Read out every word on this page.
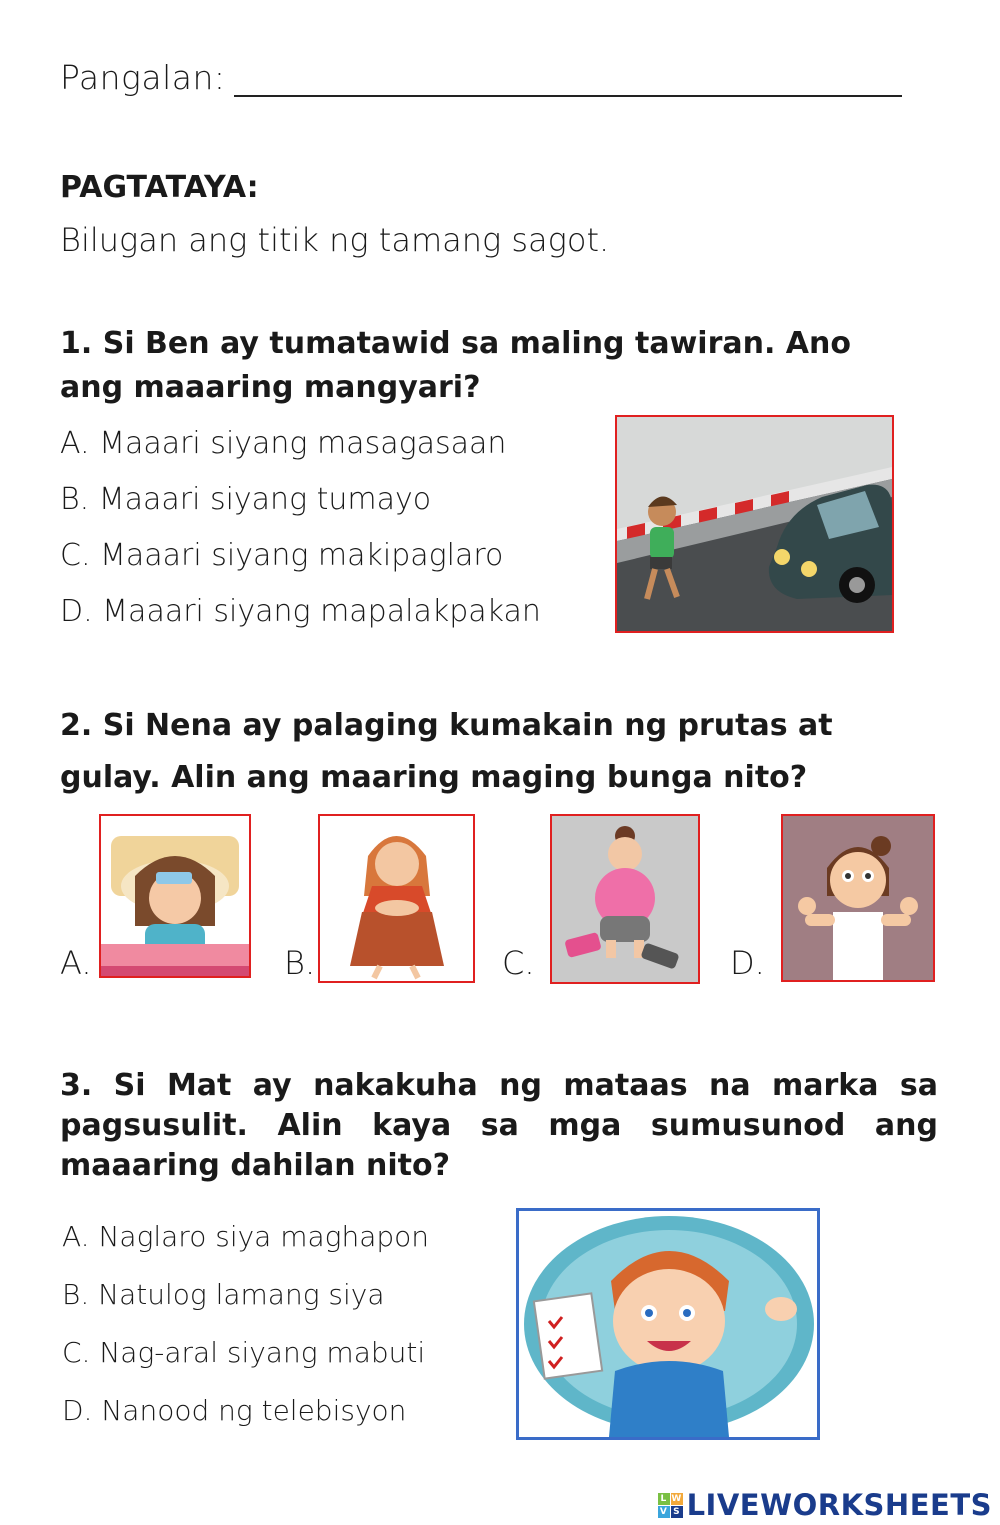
Pangalan:
PAGTATAYA:
Bilugan ang titik ng tamang sagot.
1. Si Ben ay tumatawid sa maling tawiran. Ano
ang maaaring mangyari?
A. Maaari siyang masagasaan
B. Maaari siyang tumayo
C. Maaari siyang makipaglaro
D. Maaari siyang mapalakpakan
2. Si Nena ay palaging kumakain ng prutas at
gulay. Alin ang maaring maging bunga nito?
A.	B.	C.	D.
3. Si Mat ay nakakuha ng mataas na marka sa pagsusulit. Alin kaya sa mga sumusunod ang maaaring dahilan nito?
A. Naglaro siya maghapon
B. Natulog lamang siya
C. Nag-aral siyang mabuti
D. Nanood ng telebisyon
L W
V S LIVEWORKSHEETS
